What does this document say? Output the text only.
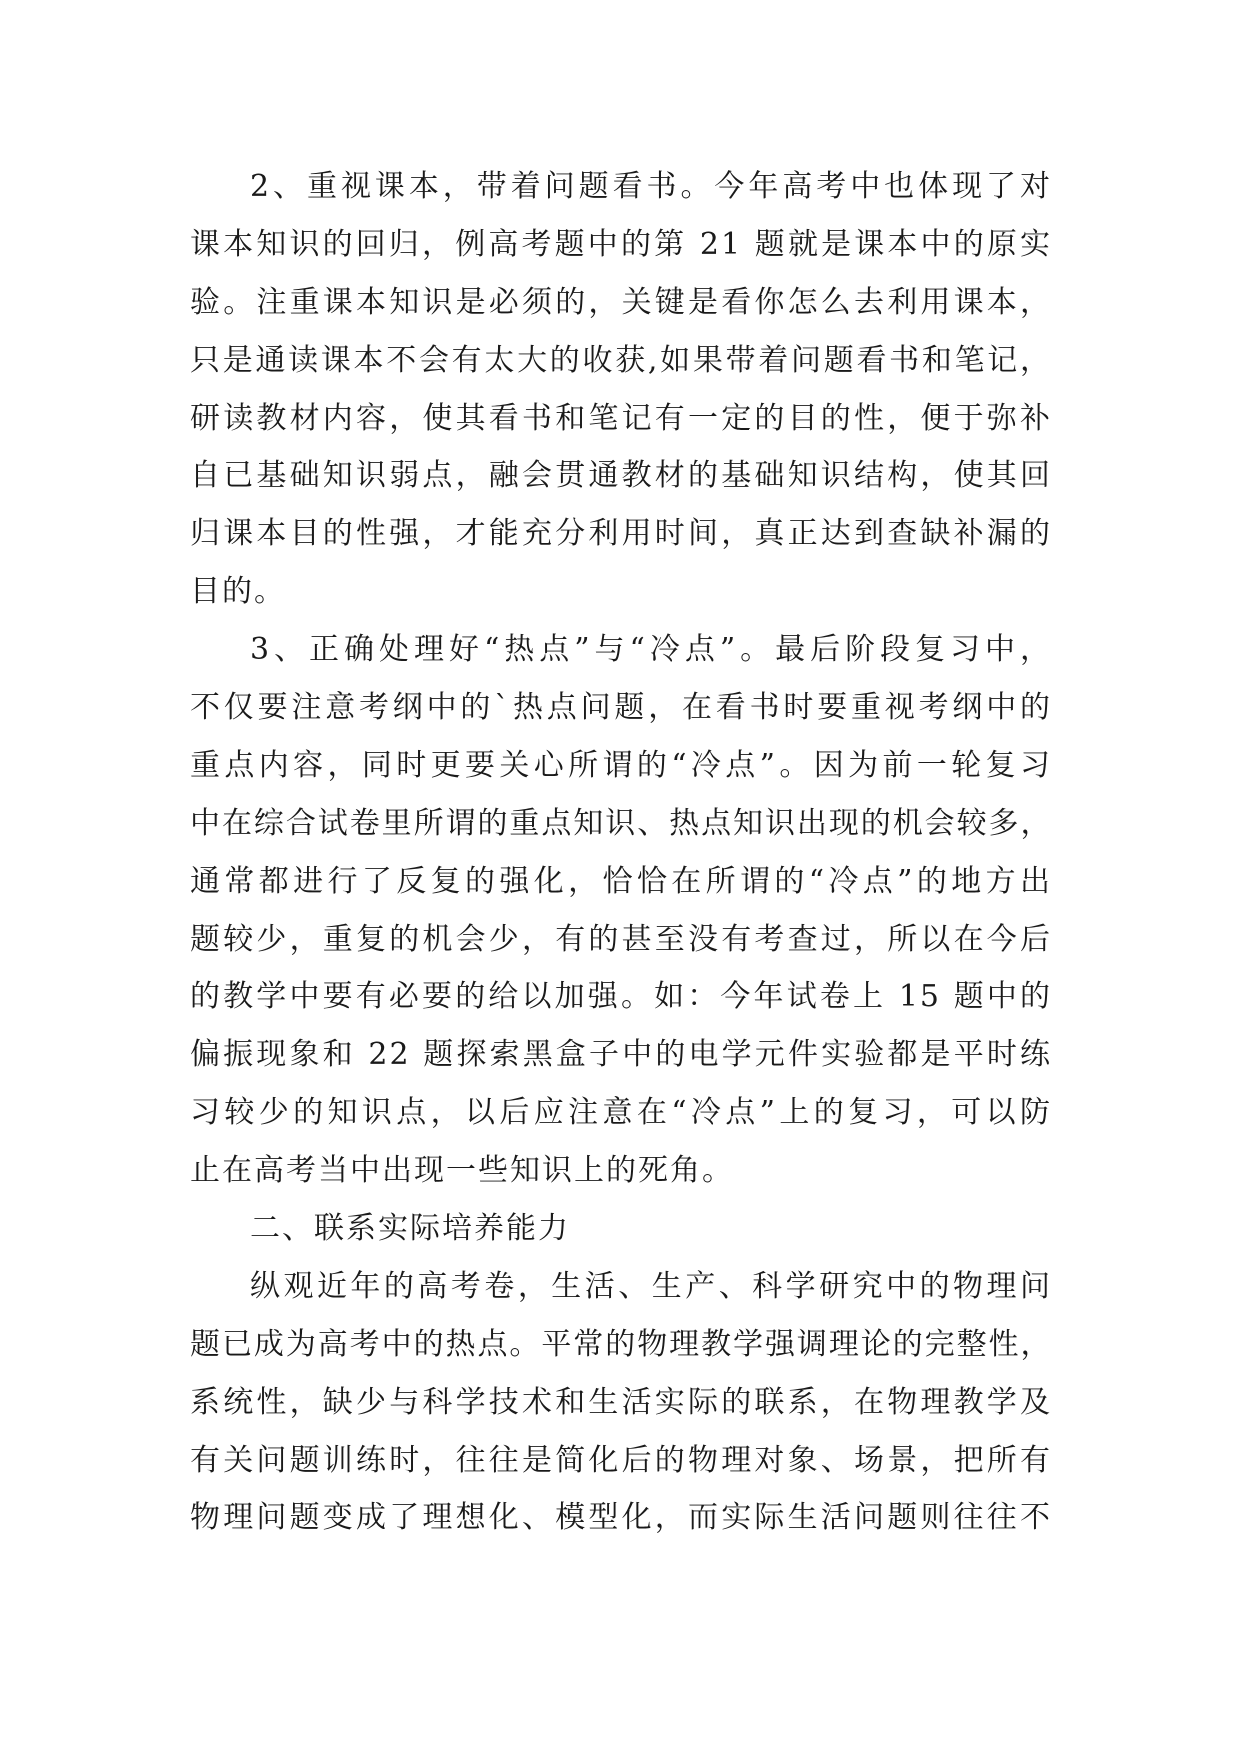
2、重视课本，带着问题看书。今年高考中也体现了对
课本知识的回归，例高考题中的第 21 题就是课本中的原实
验。注重课本知识是必须的，关键是看你怎么去利用课本，
只是通读课本不会有太大的收获,如果带着问题看书和笔记，
研读教材内容，使其看书和笔记有一定的目的性，便于弥补
自已基础知识弱点，融会贯通教材的基础知识结构，使其回
归课本目的性强，才能充分利用时间，真正达到查缺补漏的
目的。
3、正确处理好“热点”与“冷点”。最后阶段复习中，
不仅要注意考纲中的`热点问题，在看书时要重视考纲中的
重点内容，同时更要关心所谓的“冷点”。因为前一轮复习
中在综合试卷里所谓的重点知识、热点知识出现的机会较多，
通常都进行了反复的强化，恰恰在所谓的“冷点”的地方出
题较少，重复的机会少，有的甚至没有考查过，所以在今后
的教学中要有必要的给以加强。如：今年试卷上 15 题中的
偏振现象和 22 题探索黑盒子中的电学元件实验都是平时练
习较少的知识点，以后应注意在“冷点”上的复习，可以防
止在高考当中出现一些知识上的死角。
二、联系实际培养能力
纵观近年的高考卷，生活、生产、科学研究中的物理问
题已成为高考中的热点。平常的物理教学强调理论的完整性，
系统性，缺少与科学技术和生活实际的联系，在物理教学及
有关问题训练时，往往是简化后的物理对象、场景，把所有
物理问题变成了理想化、模型化，而实际生活问题则往往不
